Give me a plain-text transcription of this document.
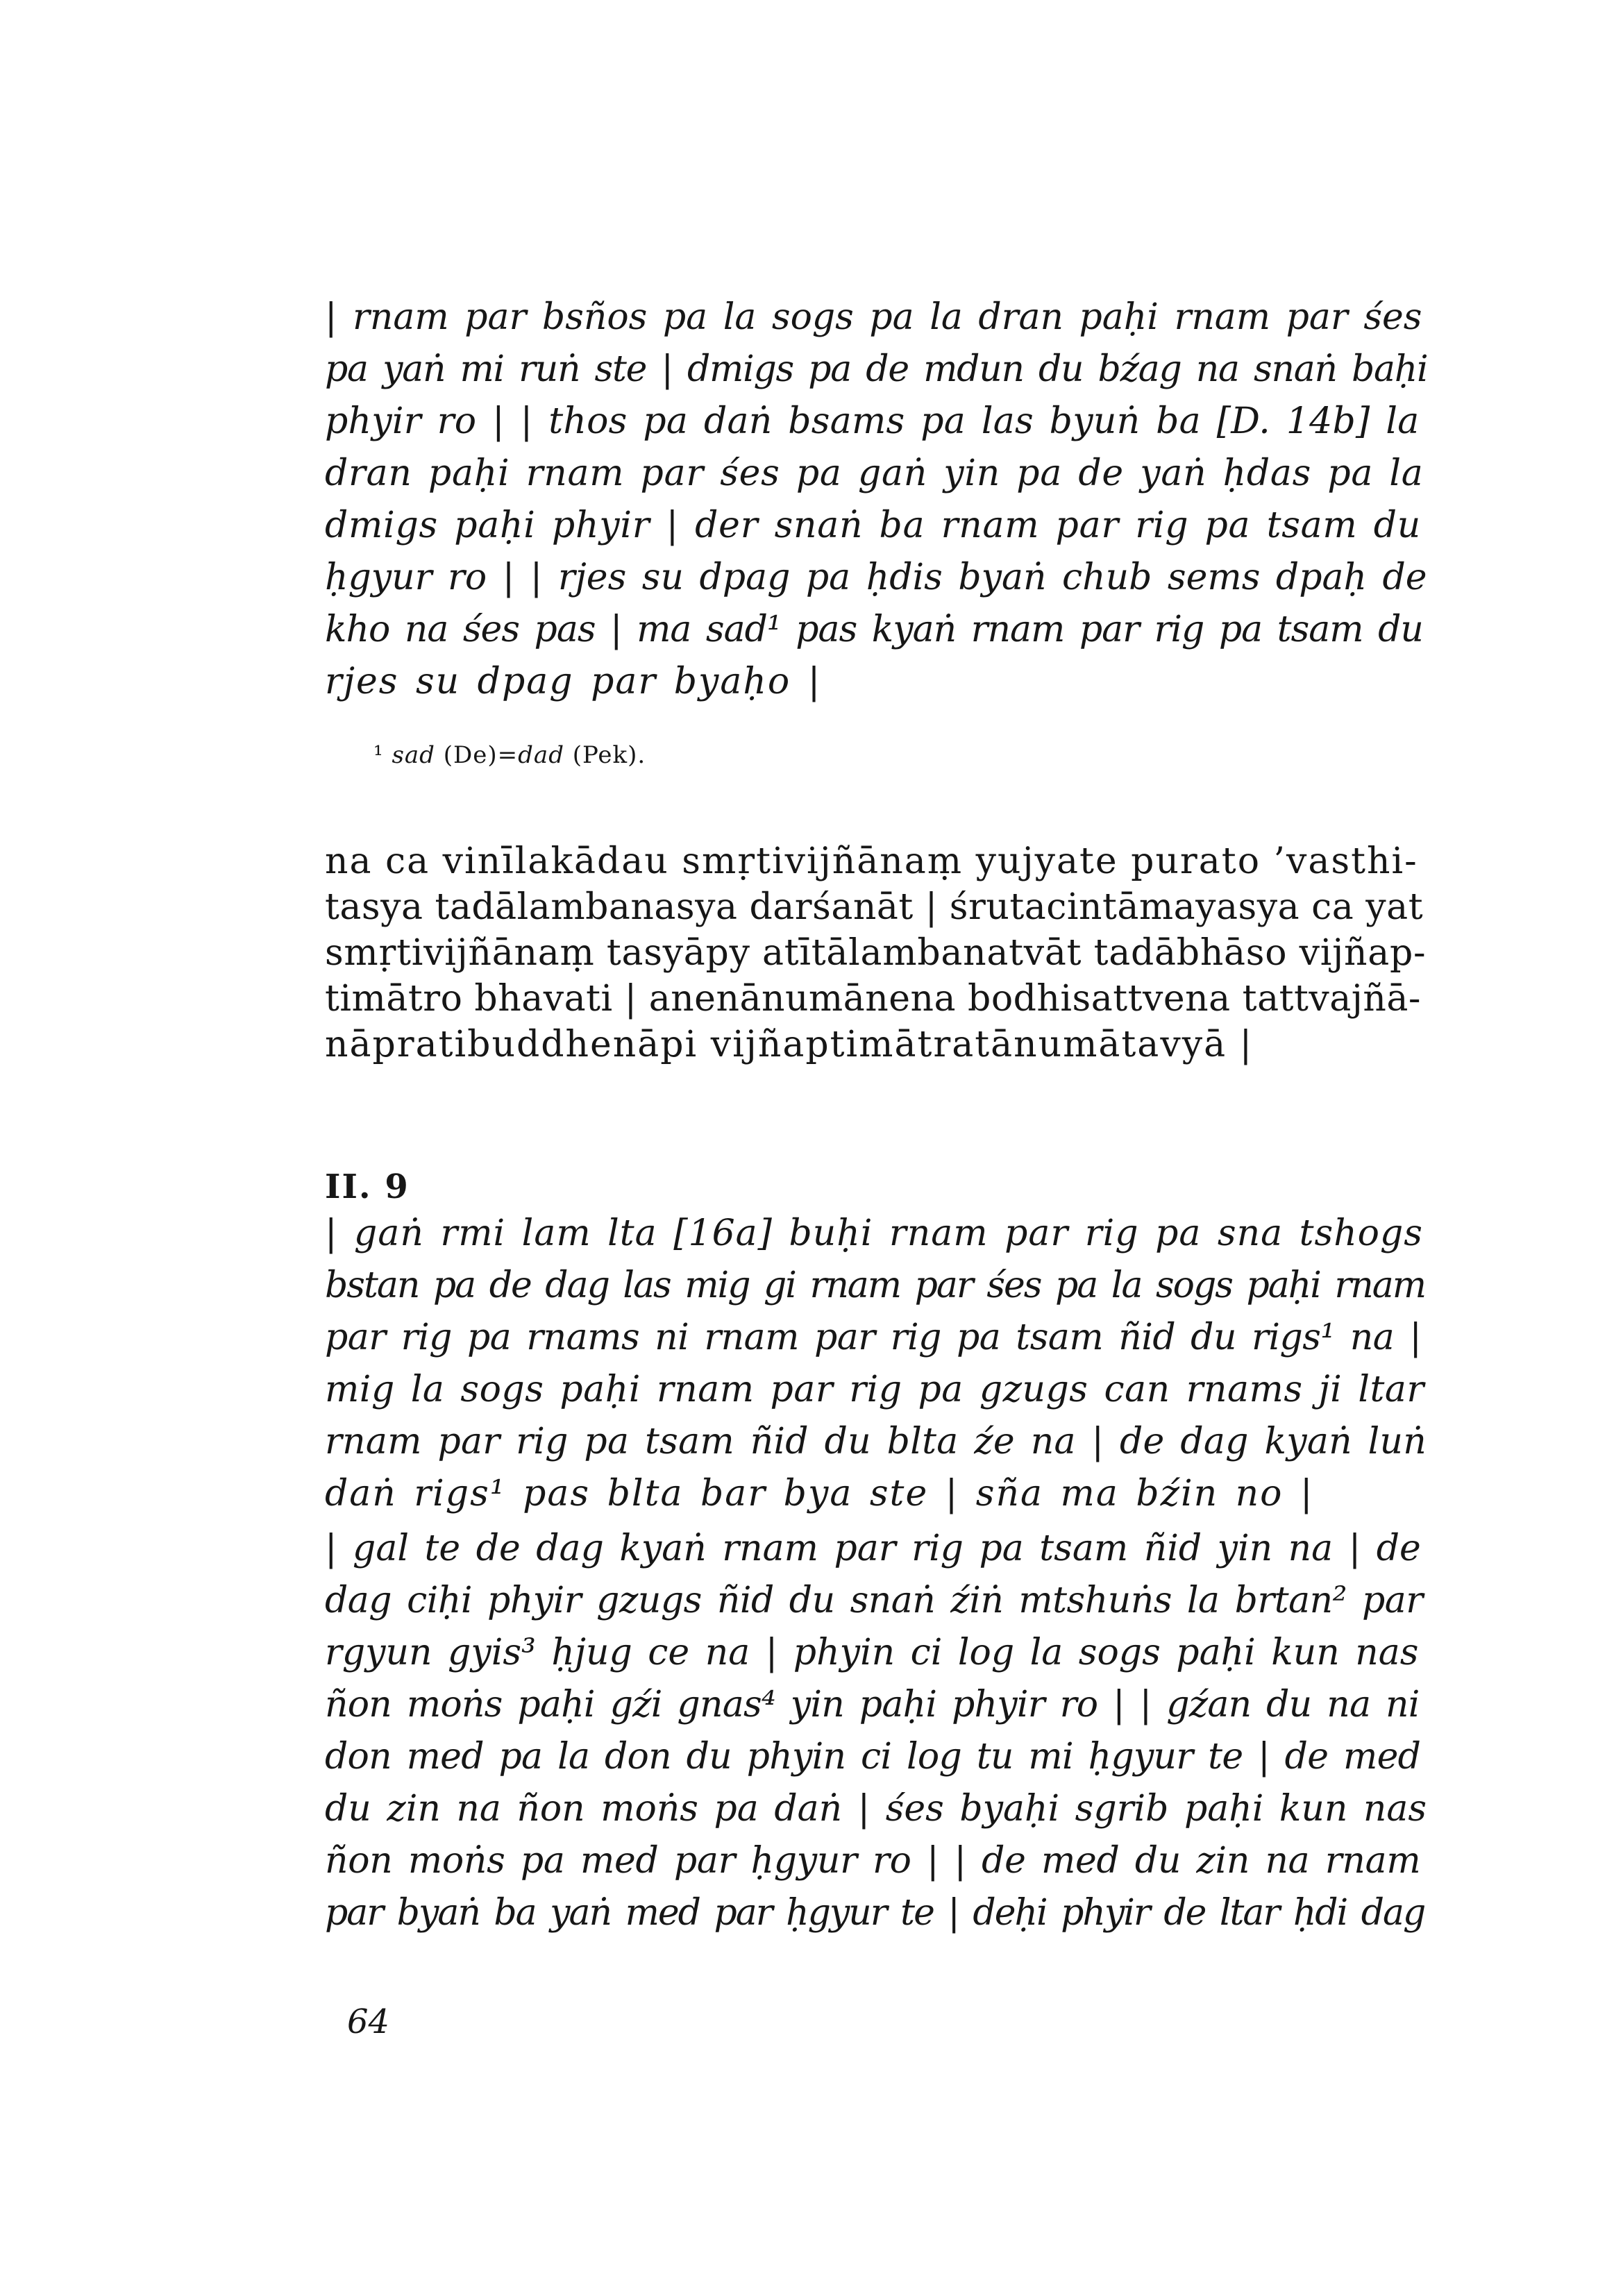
| rnam par bsños pa la sogs pa la dran paḥi rnam par śes
pa yaṅ mi ruṅ ste | dmigs pa de mdun du bźag na snaṅ baḥi
phyir ro | | thos pa daṅ bsams pa las byuṅ ba [D. 14b] la
dran paḥi rnam par śes pa gaṅ yin pa de yaṅ ḥdas pa la
dmigs paḥi phyir | der snaṅ ba rnam par rig pa tsam du
ḥgyur ro | | rjes su dpag pa ḥdis byaṅ chub sems dpaḥ de
kho na śes pas | ma sad¹ pas kyaṅ rnam par rig pa tsam du
rjes su dpag par byaḥo |
¹ sad (De)=dad (Pek).
na ca vinīlakādau smṛtivijñānaṃ yujyate purato ’vasthi-
tasya tadālambanasya darśanāt | śrutacintāmayasya ca yat
smṛtivijñānaṃ tasyāpy atītālambanatvāt tadābhāso vijñap-
timātro bhavati | anenānumānena bodhisattvena tattvajñā-
nāpratibuddhenāpi vijñaptimātratānumātavyā |
II. 9
| gaṅ rmi lam lta [16a] buḥi rnam par rig pa sna tshogs
bstan pa de dag las mig gi rnam par śes pa la sogs paḥi rnam
par rig pa rnams ni rnam par rig pa tsam ñid du rigs¹ na |
mig la sogs paḥi rnam par rig pa gzugs can rnams ji ltar
rnam par rig pa tsam ñid du blta źe na | de dag kyaṅ luṅ
daṅ rigs¹ pas blta bar bya ste | sña ma bźin no |
| gal te de dag kyaṅ rnam par rig pa tsam ñid yin na | de
dag ciḥi phyir gzugs ñid du snaṅ źiṅ mtshuṅs la brtan² par
rgyun gyis³ ḥjug ce na | phyin ci log la sogs paḥi kun nas
ñon moṅs paḥi gźi gnas⁴ yin paḥi phyir ro | | gźan du na ni
don med pa la don du phyin ci log tu mi ḥgyur te | de med
du zin na ñon moṅs pa daṅ | śes byaḥi sgrib paḥi kun nas
ñon moṅs pa med par ḥgyur ro | | de med du zin na rnam
par byaṅ ba yaṅ med par ḥgyur te | deḥi phyir de ltar ḥdi dag
64
